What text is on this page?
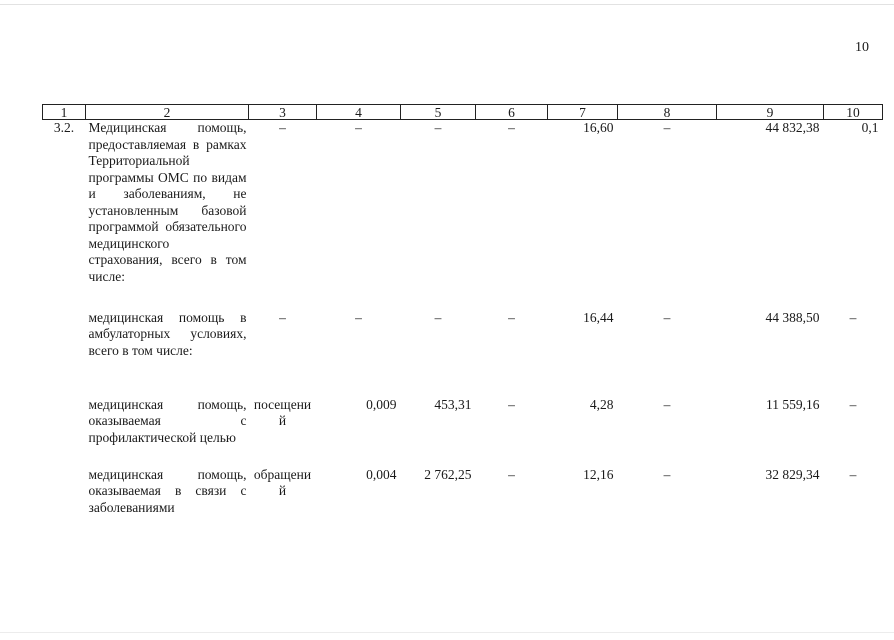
10
1	2	3	4	5	6	7	8	9	10
3.2.	Медицинская помощь, предоставляемая в рамках Территориальной программы ОМС по видам и заболеваниям, не установленным базовой программой обязательного медицинского страхования, всего в том числе:	–	–	–	–	16,60	–	44 832,38	0,1
	медицинская помощь в амбулаторных условиях, всего в том числе:	–	–	–	–	16,44	–	44 388,50	–
	медицинская помощь, оказываемая с профилактической целью	посещений	0,009	453,31	–	4,28	–	11 559,16	–
	медицинская помощь, оказываемая в связи с заболеваниями	обращений	0,004	2 762,25	–	12,16	–	32 829,34	–
